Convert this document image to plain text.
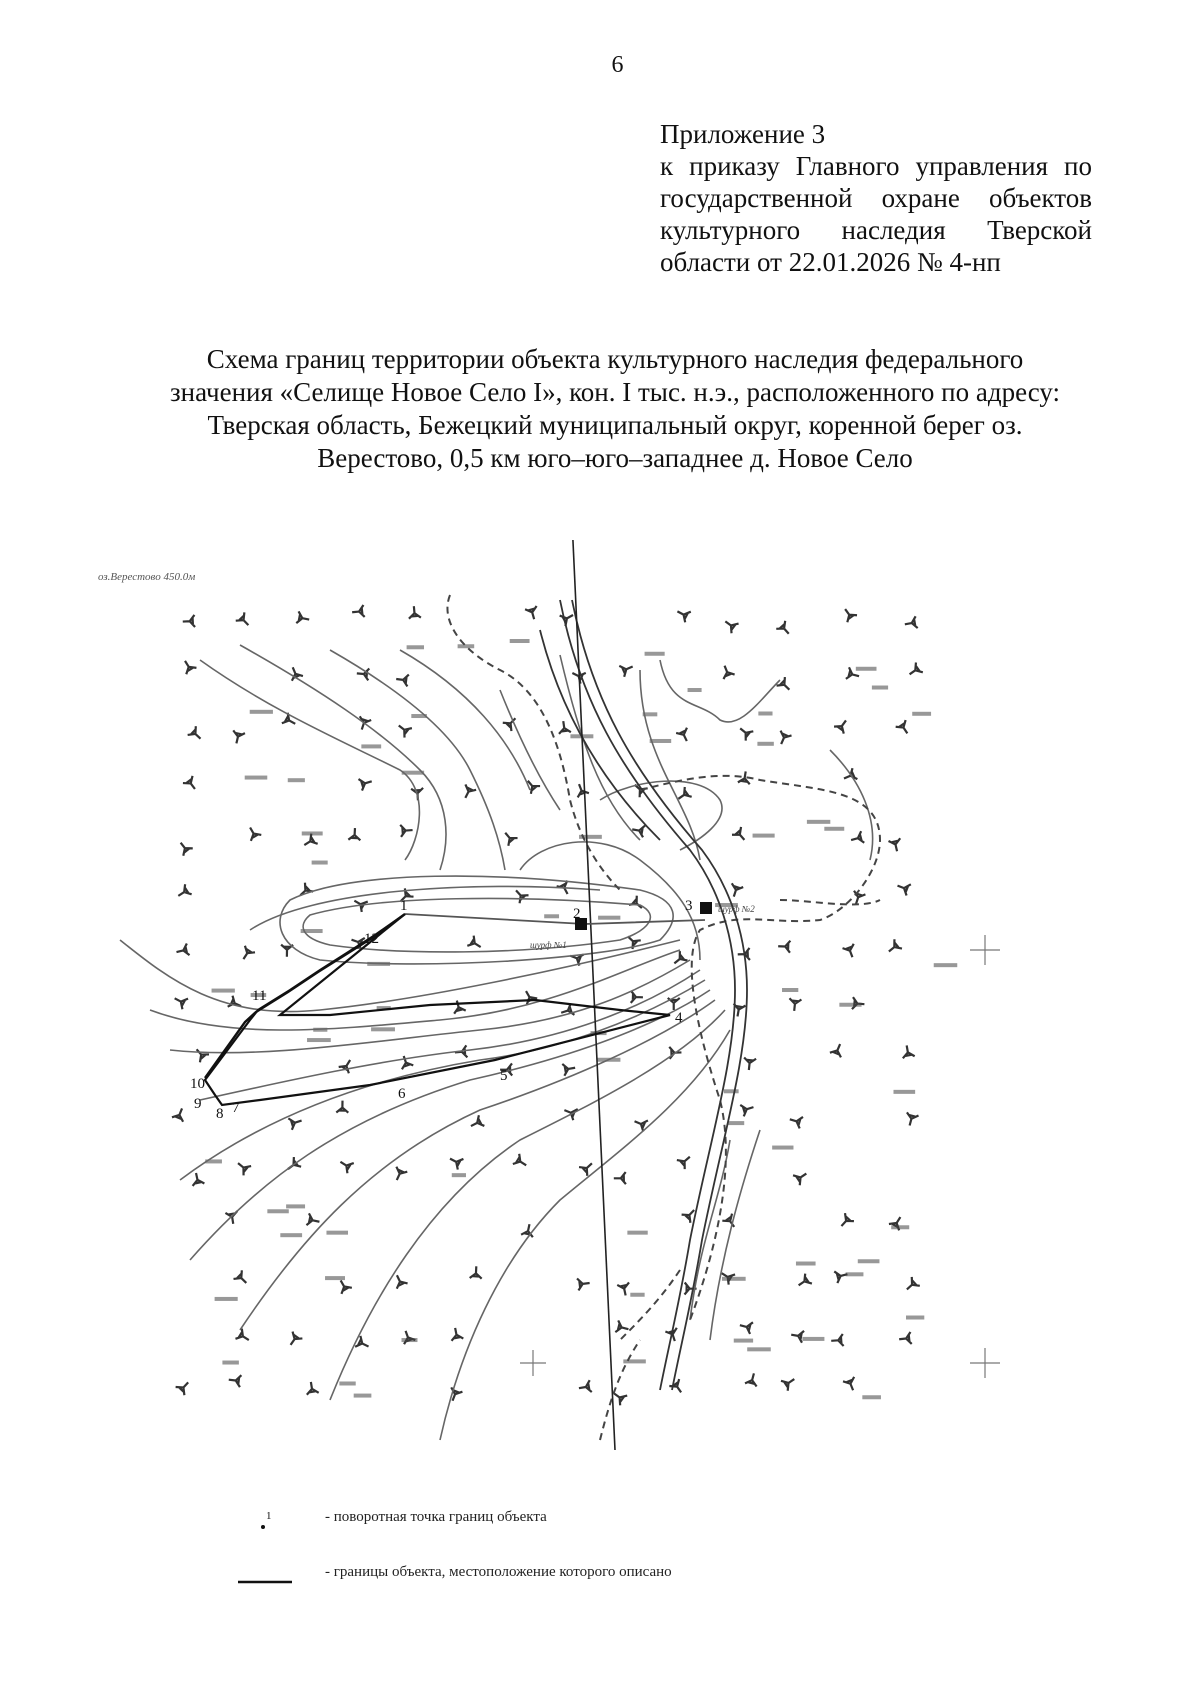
6
Приложение 3
к приказу Главного управления по государственной охране объектов культурного наследия Тверской области от 22.01.2026 № 4-нп
Схема границ территории объекта культурного наследия федерального
значения «Селище Новое Село I», кон. I тыс. н.э., расположенного по адресу:
Тверская область, Бежецкий муниципальный округ, коренной берег оз.
Верестово, 0,5 км юго–юго–западнее д. Новое Село
оз.Верестово 450.0м
шурф №1
шурф №2
1	2	3
4
5
6
7
8
9
10
11
12
1	- поворотная точка границ объекта
- границы объекта, местоположение которого описано
